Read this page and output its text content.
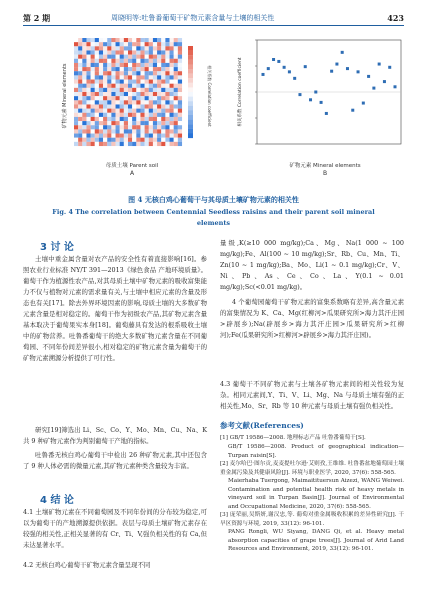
第 2 期	周晓明等:吐鲁番葡萄干矿物元素含量与土壤的相关性	423
矿物元素 Mineral elements	相关系数 Correlation coefficient
母质土壤 Parent soil
A
相关系数 Correlation coefficient
矿物元素 Mineral elements
B
图 4 无核白鸡心葡萄干与其母质土壤矿物元素的相关性
Fig. 4 The correlation between Centennial Seedless raisins and their parent soil mineral elements
3 讨 论
土壤中重金属含量对农产品的安全性有着直接影响[16]。参照农业行业标准 NY/T 391—2013《绿色食品 产地环境质量》。葡萄干作为植源性农产品,对其母质土壤中矿物元素的吸收富集能力不仅与植物对元素的需求量有关,与土壤中相应元素的含量及形态也有关[17]。除去外界环境因素的影响,母质土壤的大多数矿物元素含量是相对稳定的。葡萄干作为初级农产品,其矿物元素含量基本取决于葡萄果实本身[18]。葡萄藤具有发达的根系吸收土壤中的矿物营养。吐鲁番葡萄干的绝大多数矿物元素含量在不同葡萄园、不同年份间差异很小,相对稳定的矿物元素含量为葡萄干的矿物元素溯源分析提供了可行性。
研究[19]筛选出 Li、Sc、Co、Y、Mo、Mn、Cu、Na、K 共 9 种矿物元素作为判别葡萄干产地的指标。
吐鲁番无核白鸡心葡萄干中检出 26 种矿物元素,其中还包含了 9 种人体必需的微量元素,其矿物元素种类含量较为丰富。
4 结 论
4.1 土壤矿物元素在不同葡萄园及不同年份间的分布较为稳定,可以为葡萄干的产地溯源提供依据。表层与母质土壤矿物元素存在较强的相关性,正相关显著的有 Cr、Ti、V,强负相关性的有 Ca,但未达显著水平。
4.2 无核白鸡心葡萄干矿物元素含量呈现不同
量级,K(≥10 000 mg/kg);Ca、Mg、Na(1 000 ~ 100 mg/kg);Fe、Al(100 ~ 10 mg/kg);Sr、Rb、Cu、Mn、Ti、Zn(10 ~ 1 mg/kg);Ba、Mo、Li(1 ~ 0.1 mg/kg);Cr、V、Ni、Pb、As、Ce、Co、La、Y(0.1 ~ 0.01 mg/kg);Sc(<0.01 mg/kg)。
4 个葡萄园葡萄干矿物元素的富集系数略有差异,高含量元素的富集情况为 K、Ca、Mg(红柳河>瓜果研究所>海力其汗庄园>辟展乡);Na(辟展乡>海力其汗庄园>瓜果研究所>红柳河);Fe(瓜果研究所>红柳河>辟展乡>海力其汗庄园)。
4.3 葡萄干不同矿物元素与土壤各矿物元素间的相关性较为复杂。相同元素间,Y、Ti、V、Li、Mg、Na 与母质土壤有强的正相关性,Mo、Sr、Rb 等 10 种元素与母质土壤有强负相关性。
参考文献(References)
[1] GB/T 19586—2008. 地理标志产品 吐鲁番葡萄干[S].
GB/T 19586—2008. Product of geographical indication—Turpan raisin[S].
[2] 麦尔哈巴·图尔贡,麦麦提吐尔逊·艾则孜,王维维. 吐鲁番盆地葡萄园土壤重金属污染及其健康风险[J]. 环境与职业医学, 2020, 37(6): 558-565.
Maierhaba Tuergong, Maimaitituersun Aizezi, WANG Weiwei. Contamination and potential health risk of heavy metals in vineyard soil in Turpan Basin[J]. Journal of Environmental and Occupational Medicine, 2020, 37(6): 558-565.
[3] 庞荣丽,吴斯妍,谢汉忠,等. 葡萄对重金属吸收积累的差异性研究[J]. 干旱区资源与环境, 2019, 33(12): 96-101.
PANG Rongli, WU Siyang, DANG Qi, et al. Heavy metal absorption capacities of grape trees[J]. Journal of Arid Land Resources and Environment, 2019, 33(12): 96-101.
